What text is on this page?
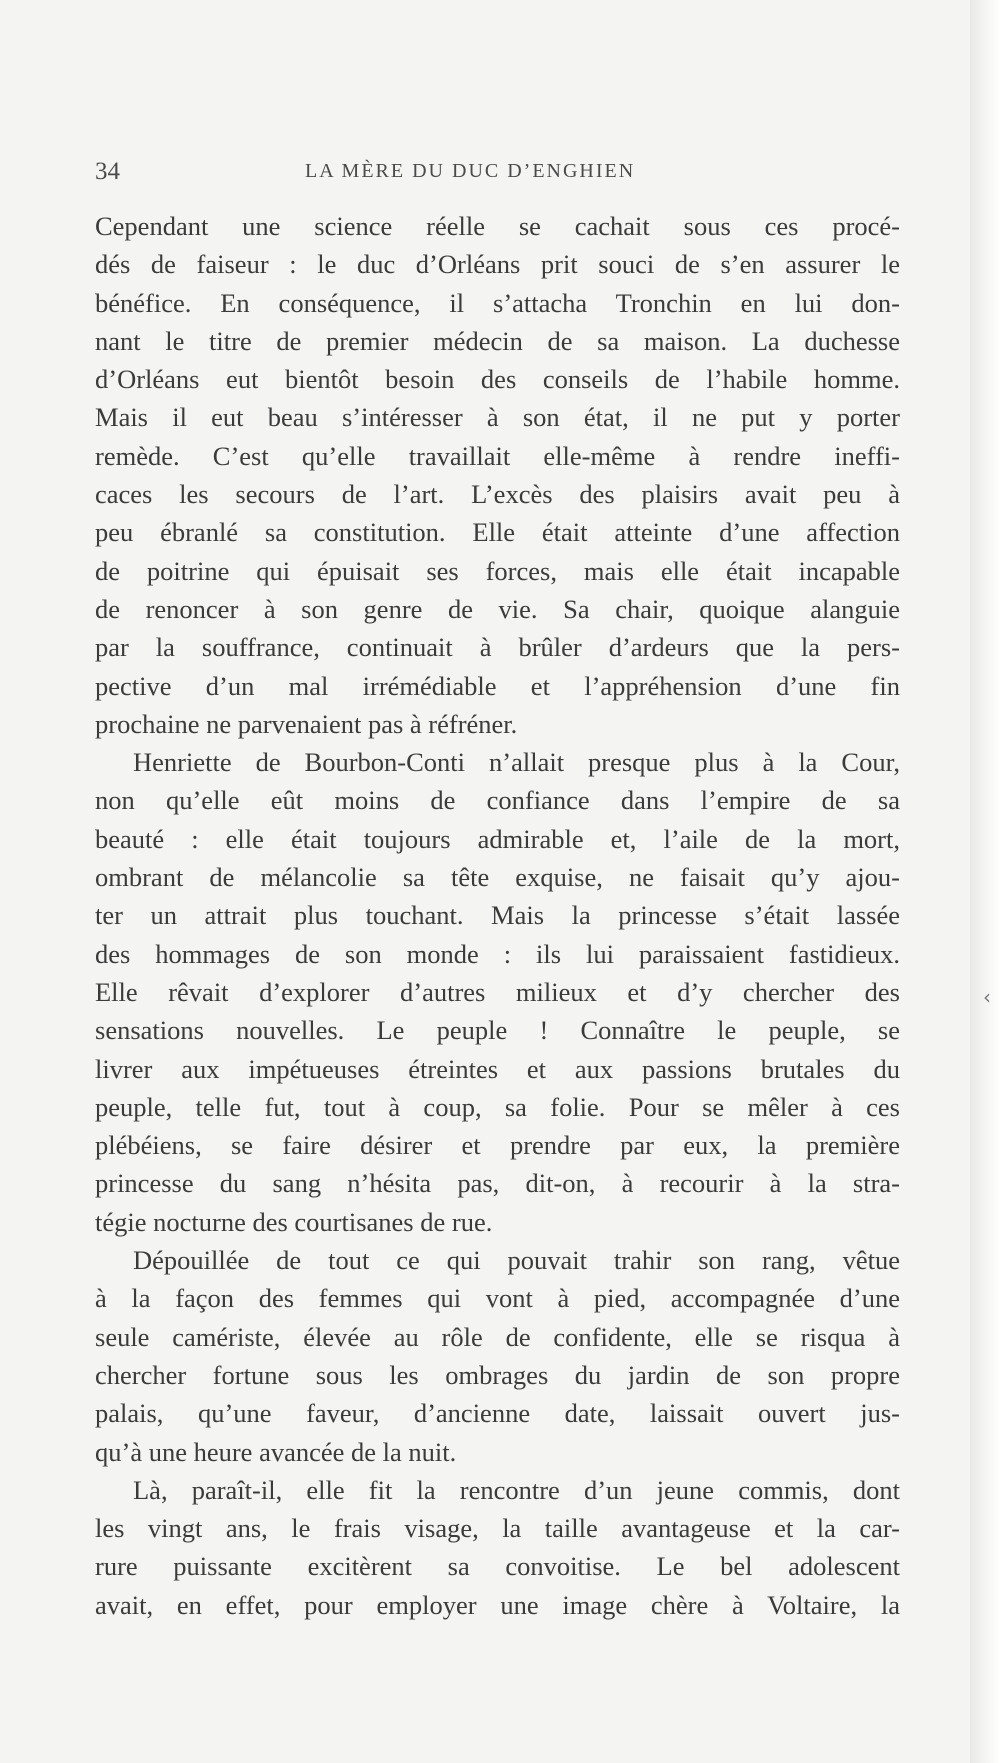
34	LA MÈRE DU DUC D’ENGHIEN

Cependant une science réelle se cachait sous ces procé-
dés de faiseur : le duc d’Orléans prit souci de s’en assurer le
bénéfice. En conséquence, il s’attacha Tronchin en lui don-
nant le titre de premier médecin de sa maison. La duchesse
d’Orléans eut bientôt besoin des conseils de l’habile homme.
Mais il eut beau s’intéresser à son état, il ne put y porter
remède. C’est qu’elle travaillait elle-même à rendre ineffi-
caces les secours de l’art. L’excès des plaisirs avait peu à
peu ébranlé sa constitution. Elle était atteinte d’une affection
de poitrine qui épuisait ses forces, mais elle était incapable
de renoncer à son genre de vie. Sa chair, quoique alanguie
par la souffrance, continuait à brûler d’ardeurs que la pers-
pective d’un mal irrémédiable et l’appréhension d’une fin
prochaine ne parvenaient pas à réfréner.

Henriette de Bourbon-Conti n’allait presque plus à la Cour,
non qu’elle eût moins de confiance dans l’empire de sa
beauté : elle était toujours admirable et, l’aile de la mort,
ombrant de mélancolie sa tête exquise, ne faisait qu’y ajou-
ter un attrait plus touchant. Mais la princesse s’était lassée
des hommages de son monde : ils lui paraissaient fastidieux.
Elle rêvait d’explorer d’autres milieux et d’y chercher des
sensations nouvelles. Le peuple ! Connaître le peuple, se
livrer aux impétueuses étreintes et aux passions brutales du
peuple, telle fut, tout à coup, sa folie. Pour se mêler à ces
plébéiens, se faire désirer et prendre par eux, la première
princesse du sang n’hésita pas, dit-on, à recourir à la stra-
tégie nocturne des courtisanes de rue.

Dépouillée de tout ce qui pouvait trahir son rang, vêtue
à la façon des femmes qui vont à pied, accompagnée d’une
seule caméristе, élevée au rôle de confidente, elle se risqua à
chercher fortune sous les ombrages du jardin de son propre
palais, qu’une faveur, d’ancienne date, laissait ouvert jus-
qu’à une heure avancée de la nuit.

Là, paraît-il, elle fit la rencontre d’un jeune commis, dont
les vingt ans, le frais visage, la taille avantageuse et la car-
rure puissante excitèrent sa convoitise. Le bel adolescent
avait, en effet, pour employer une image chère à Voltaire, la

‹
